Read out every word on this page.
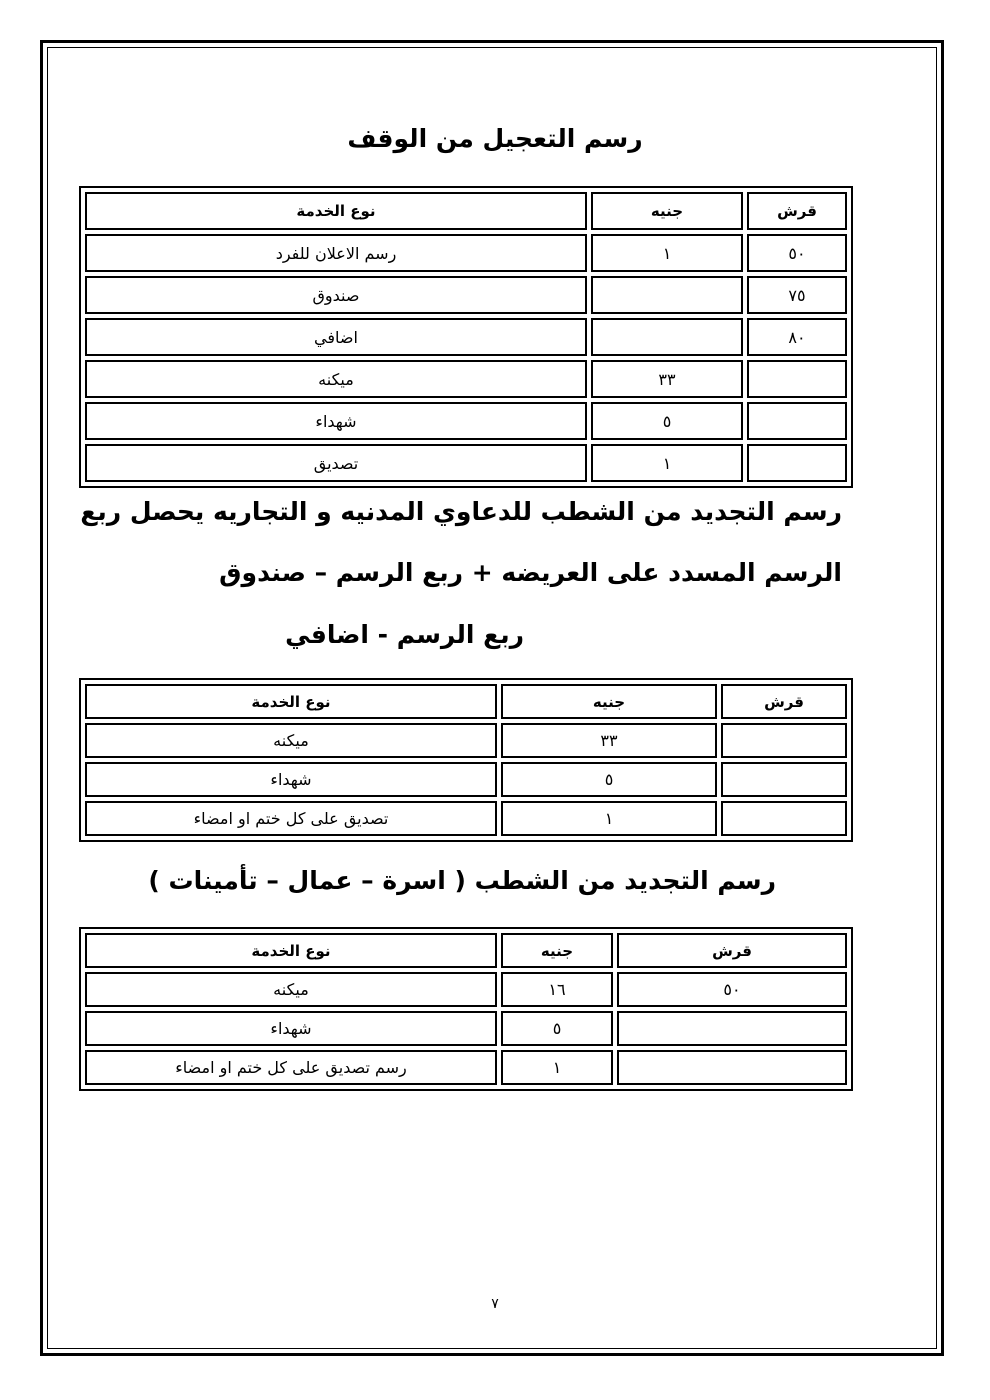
رسم التعجيل من الوقف
قرش	جنيه	نوع الخدمة
٥٠	١	رسم الاعلان للفرد
٧٥		صندوق
٨٠		اضافي
	٣٣	ميكنه
	٥	شهداء
	١	تصديق
رسم التجديد من الشطب للدعاوي المدنيه و التجاريه يحصل ربع
الرسم المسدد على العريضه + ربع الرسم – صندوق
ربع الرسم - اضافي
قرش	جنيه	نوع الخدمة
	٣٣	ميكنه
	٥	شهداء
	١	تصديق على كل ختم او امضاء
رسم التجديد من الشطب ( اسرة – عمال – تأمينات )
قرش	جنيه	نوع الخدمة
٥٠	١٦	ميكنه
	٥	شهداء
	١	رسم تصديق على كل ختم او امضاء
٧
